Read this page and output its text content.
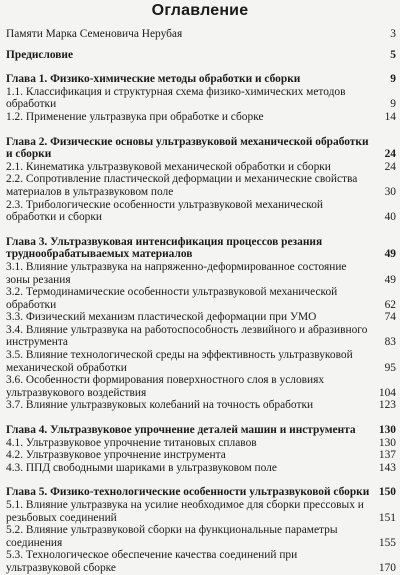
Оглавление
Памяти Марка Семеновича Нерубая	3
Предисловие	5
Глава 1. Физико-химические методы обработки и сборки	9
1.1. Классификация и структурная схема физико-химических методов обработки	9
1.2. Применение ультразвука при обработке и сборке	14
Глава 2. Физические основы ультразвуковой механической обработки и сборки	24
2.1. Кинематика ультразвуковой механической обработки и сборки	24
2.2. Сопротивление пластической деформации и механические свойства материалов в ультразвуковом поле	30
2.3. Трибологические особенности ультразвуковой механической обработки и сборки	40
Глава 3. Ультразвуковая интенсификация процессов резания труднообрабатываемых материалов	49
3.1. Влияние ультразвука на напряженно-деформированное состояние зоны резания	49
3.2. Термодинамические особенности ультразвуковой механической обработки	62
3.3. Физический механизм пластической деформации при УМО	74
3.4. Влияние ультразвука на работоспособность лезвийного и абразивного инструмента	83
3.5. Влияние технологической среды на эффективность ультразвуковой механической обработки	95
3.6. Особенности формирования поверхностного слоя в условиях ультразвукового воздействия	104
3.7. Влияние ультразвуковых колебаний на точность обработки	123
Глава 4. Ультразвуковое упрочнение деталей машин и инструмента	130
4.1. Ультразвуковое упрочнение титановых сплавов	130
4.2. Ультразвуковое упрочнение инструмента	137
4.3. ППД свободными шариками в ультразвуковом поле	143
Глава 5. Физико-технологические особенности ультразвуковой сборки 150
5.1. Влияние ультразвука на усилие необходимое для сборки прессовых и резьбовых соединений	151
5.2. Влияние ультразвуковой сборки на функциональные параметры соединения	155
5.3. Технологическое обеспечение качества соединений при ультразвуковой сборке	170
